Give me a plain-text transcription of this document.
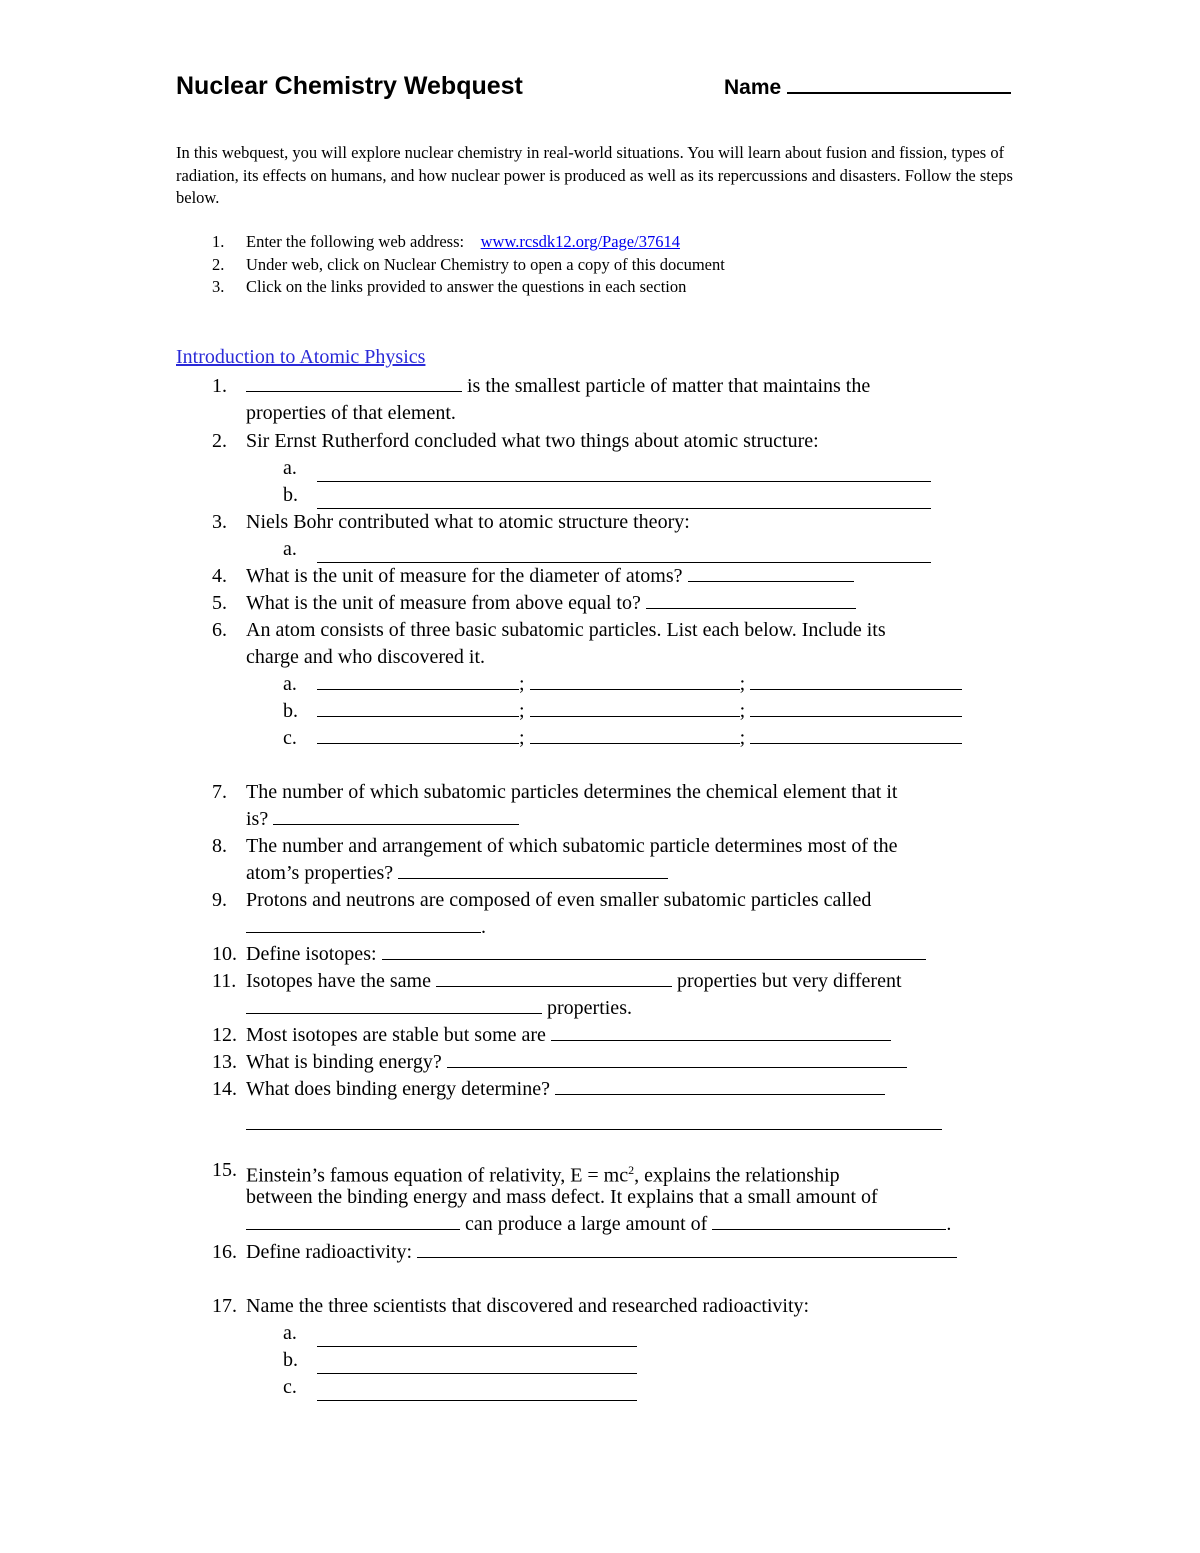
Nuclear Chemistry Webquest	Name
In this webquest, you will explore nuclear chemistry in real-world situations. You will learn about fusion and fission, types of radiation, its effects on humans, and how nuclear power is produced as well as its repercussions and disasters. Follow the steps below.
1. Enter the following web address: www.rcsdk12.org/Page/37614
2. Under web, click on Nuclear Chemistry to open a copy of this document
3. Click on the links provided to answer the questions in each section
Introduction to Atomic Physics
1.	is the smallest particle of matter that maintains the
properties of that element.
2. Sir Ernst Rutherford concluded what two things about atomic structure:
a.
b.
3. Niels Bohr contributed what to atomic structure theory:
a.
4. What is the unit of measure for the diameter of atoms?
5. What is the unit of measure from above equal to?
6. An atom consists of three basic subatomic particles. List each below. Include its
charge and who discovered it.
a.	;	;
b.	;	;
c.	;	;
7. The number of which subatomic particles determines the chemical element that it
is?
8. The number and arrangement of which subatomic particle determines most of the
atom’s properties?
9. Protons and neutrons are composed of even smaller subatomic particles called
.
10. Define isotopes:
11. Isotopes have the same	properties but very different
properties.
12. Most isotopes are stable but some are
13. What is binding energy?
14. What does binding energy determine?
15. Einstein’s famous equation of relativity, $E = mc^2$, explains the relationship
between the binding energy and mass defect. It explains that a small amount of
can produce a large amount of	.
16. Define radioactivity:
17. Name the three scientists that discovered and researched radioactivity:
a.
b.
c.
